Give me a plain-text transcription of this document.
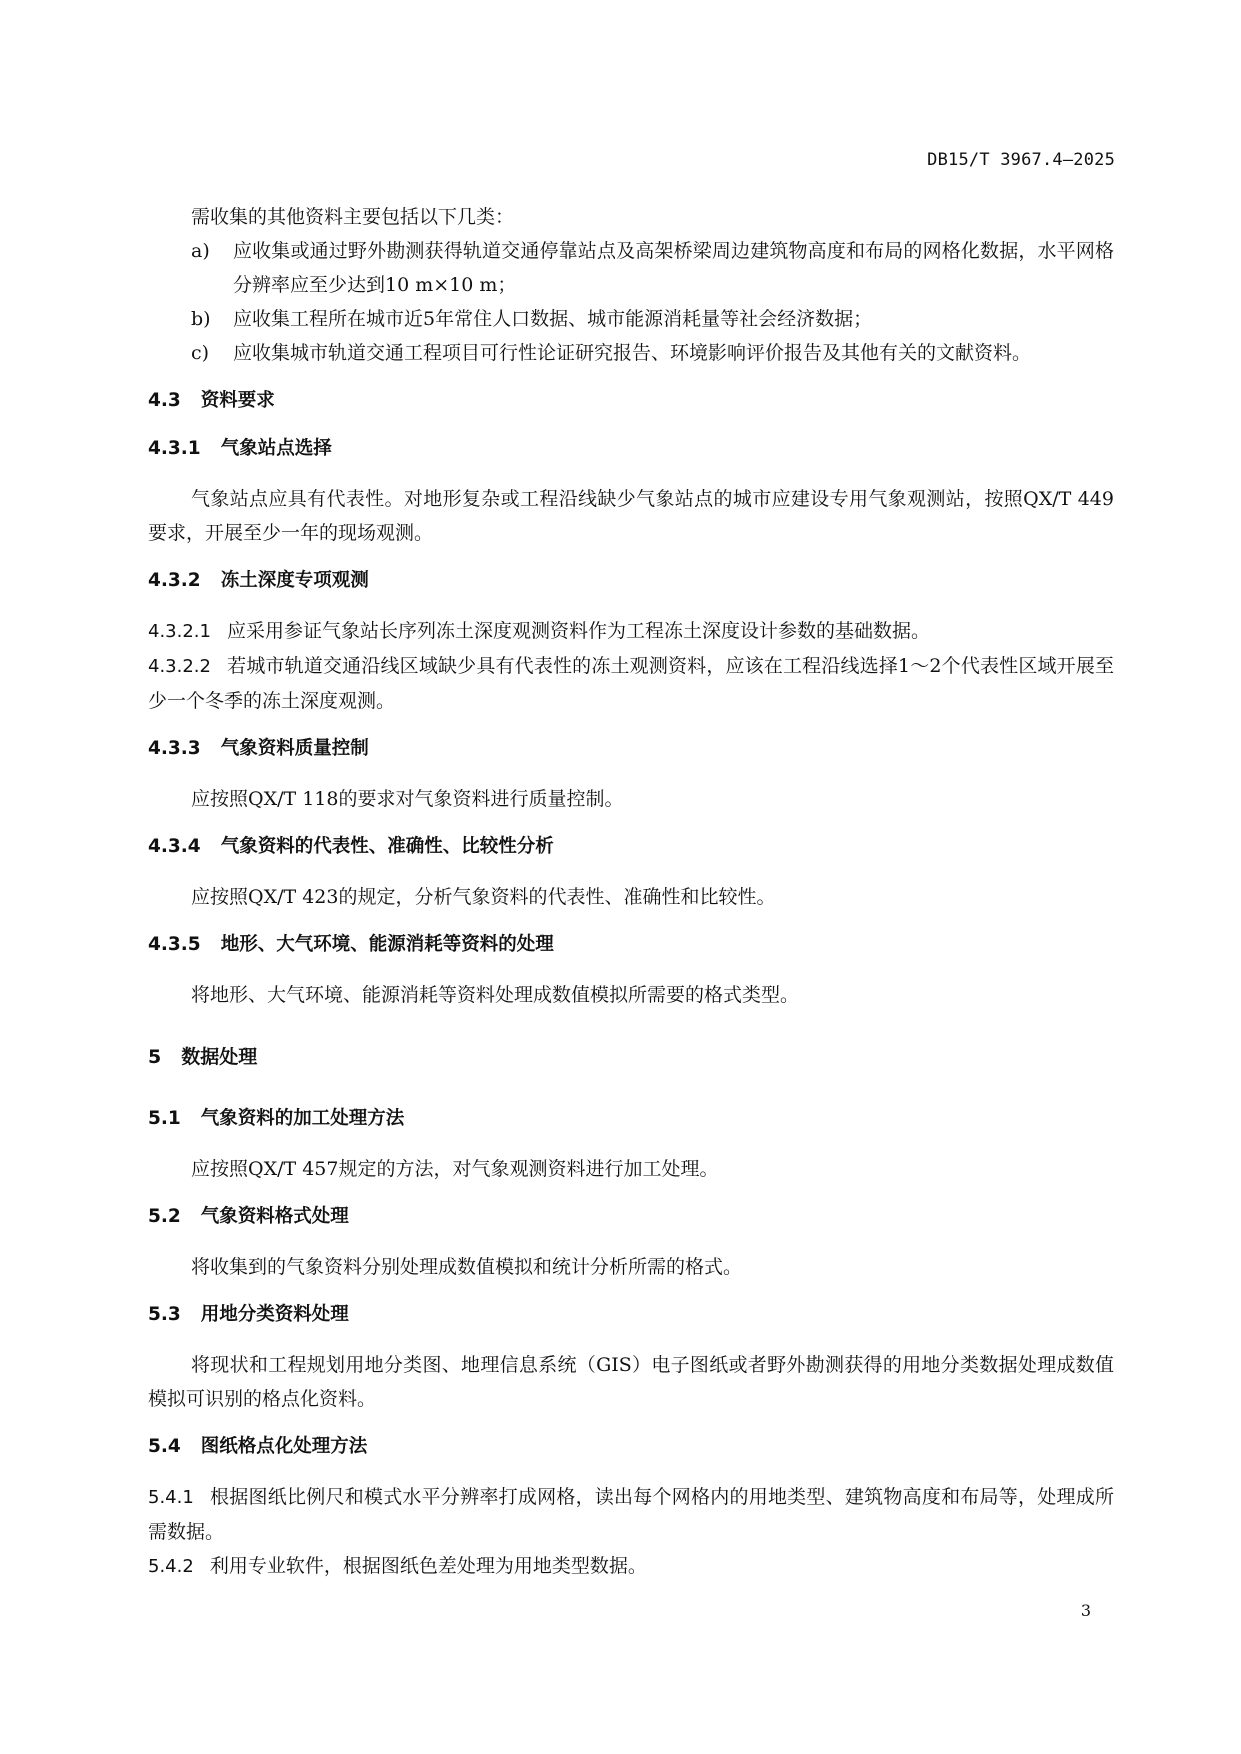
DB15/T 3967.4—2025

需收集的其他资料主要包括以下几类：

a) 应收集或通过野外勘测获得轨道交通停靠站点及高架桥梁周边建筑物高度和布局的网格化数据，水平网格分辨率应至少达到10 m×10 m；

b) 应收集工程所在城市近5年常住人口数据、城市能源消耗量等社会经济数据；

c) 应收集城市轨道交通工程项目可行性论证研究报告、环境影响评价报告及其他有关的文献资料。

4.3 资料要求
4.3.1 气象站点选择

气象站点应具有代表性。对地形复杂或工程沿线缺少气象站点的城市应建设专用气象观测站，按照QX/T 449要求，开展至少一年的现场观测。

4.3.2 冻土深度专项观测

4.3.2.1 应采用参证气象站长序列冻土深度观测资料作为工程冻土深度设计参数的基础数据。

4.3.2.2 若城市轨道交通沿线区域缺少具有代表性的冻土观测资料，应该在工程沿线选择1～2个代表性区域开展至少一个冬季的冻土深度观测。

4.3.3 气象资料质量控制

应按照QX/T 118的要求对气象资料进行质量控制。

4.3.4 气象资料的代表性、准确性、比较性分析

应按照QX/T 423的规定，分析气象资料的代表性、准确性和比较性。

4.3.5 地形、大气环境、能源消耗等资料的处理

将地形、大气环境、能源消耗等资料处理成数值模拟所需要的格式类型。

5 数据处理
5.1 气象资料的加工处理方法

应按照QX/T 457规定的方法，对气象观测资料进行加工处理。

5.2 气象资料格式处理

将收集到的气象资料分别处理成数值模拟和统计分析所需的格式。

5.3 用地分类资料处理

将现状和工程规划用地分类图、地理信息系统（GIS）电子图纸或者野外勘测获得的用地分类数据处理成数值模拟可识别的格点化资料。

5.4 图纸格点化处理方法

5.4.1 根据图纸比例尺和模式水平分辨率打成网格，读出每个网格内的用地类型、建筑物高度和布局等，处理成所需数据。

5.4.2 利用专业软件，根据图纸色差处理为用地类型数据。

3
